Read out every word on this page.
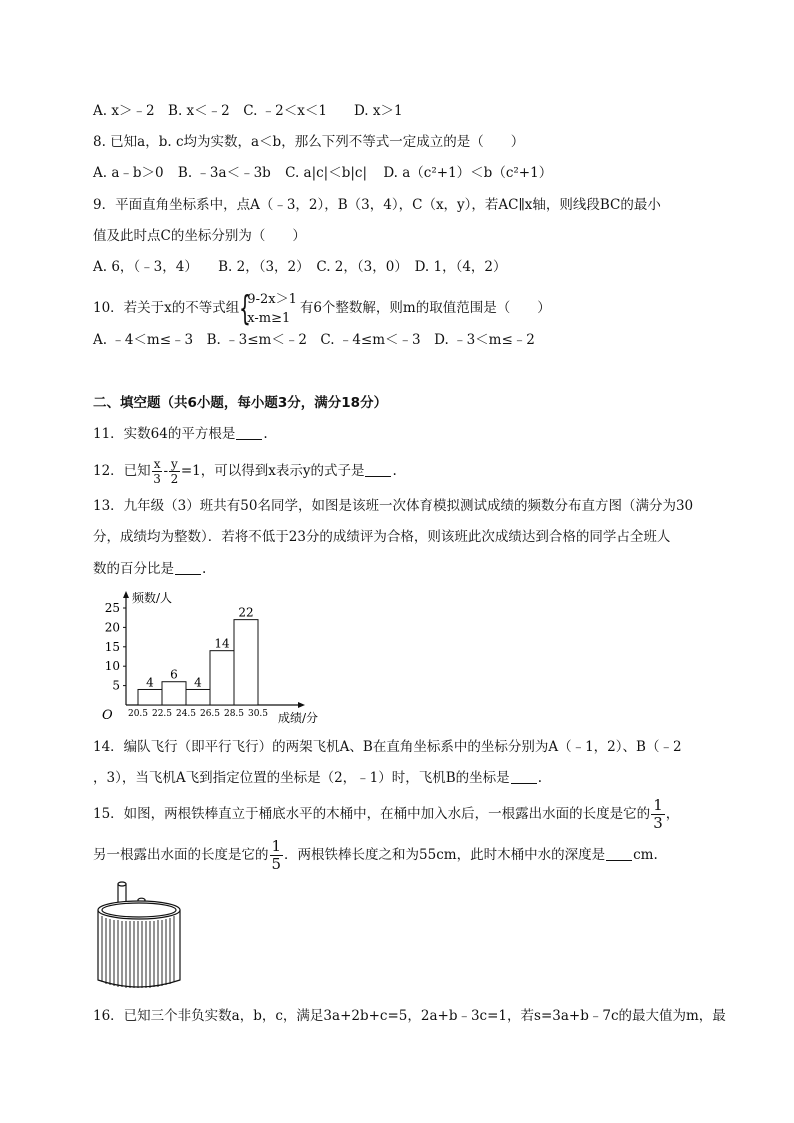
A. x＞﹣2　B. x＜﹣2　C. ﹣2＜x＜1　　D. x＞1
8. 已知a，b. c均为实数，a＜b，那么下列不等式一定成立的是（　　）
A. a﹣b＞0 B. ﹣3a＜﹣3b C. a|c|＜b|c| D. a（c²+1）＜b（c²+1）
9．平面直角坐标系中，点A（﹣3，2），B（3，4），C（x，y），若AC∥x轴，则线段BC的最小
值及此时点C的坐标分别为（　　）
A. 6，（﹣3，4）　　B. 2，（3，2）　C. 2，（3，0）　D. 1，（4，2）
10．若关于x的不等式组 {
9-2x＞1
x-m≥1
有6个整数解，则m的取值范围是（　　）
A. ﹣4＜m≤﹣3　B. ﹣3≤m＜﹣2　C. ﹣4≤m＜﹣3　D. ﹣3＜m≤﹣2
二、填空题（共6小题，每小题3分，满分18分）
11．实数64的平方根是 .
12．已知 $\frac{x}{3} - \frac{y}{2} =1$，可以得到x表示y的式子是 .
13．九年级（3）班共有50名同学，如图是该班一次体育模拟测试成绩的频数分布直方图（满分为30
分，成绩均为整数）．若将不低于23分的成绩评为合格，则该班此次成绩达到合格的同学占全班人
数的百分比是 .
5
10
15
20
25
频数/人
成绩/分
O
4
6
4
14
22
20.5 22.5 24.5 26.5 28.5 30.5
14．编队飞行（即平行飞行）的两架飞机A、B在直角坐标系中的坐标分别为A（﹣1，2）、B（﹣2
，3），当飞机A飞到指定位置的坐标是（2，﹣1）时，飞机B的坐标是 .
15．如图，两根铁棒直立于桶底水平的木桶中，在桶中加入水后，一根露出水面的长度是它的 $\frac{1}{3}$ ，
另一根露出水面的长度是它的 $\frac{1}{5}$ ．两根铁棒长度之和为55cm，此时木桶中水的深度是 cm.
16．已知三个非负实数a，b，c，满足3a+2b+c=5，2a+b﹣3c=1，若s=3a+b﹣7c的最大值为m，最
